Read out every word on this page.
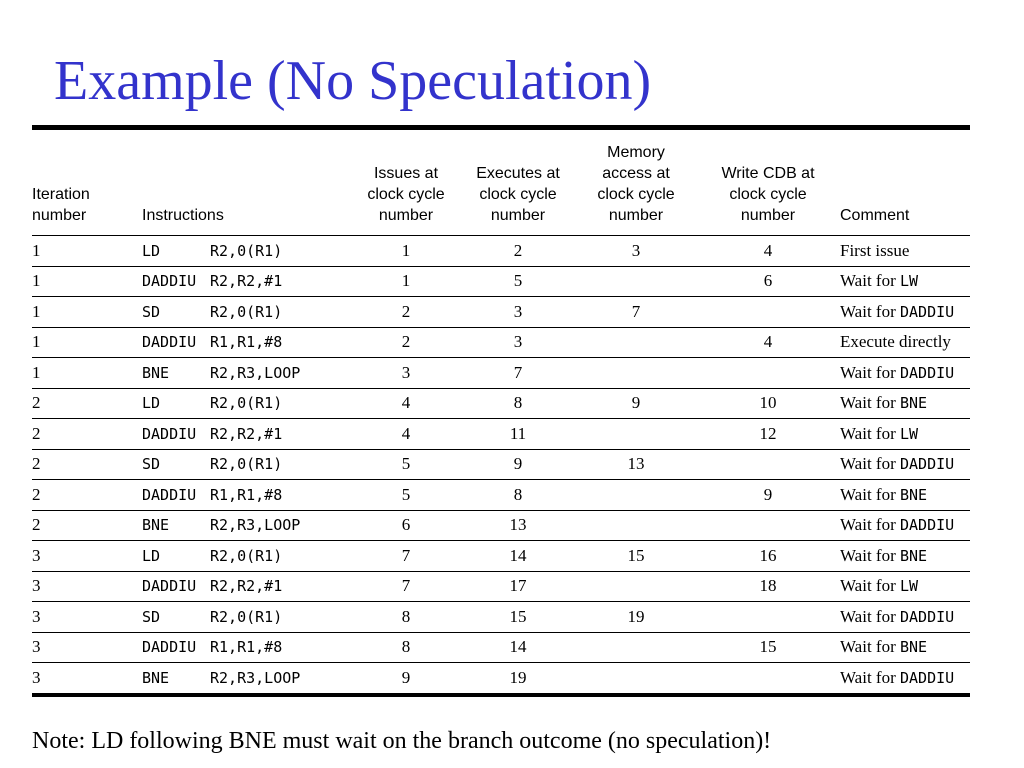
Example (No Speculation)
Iteration
number	Instructions	Issues at
clock cycle
number	Executes at
clock cycle
number	Memory
access at
clock cycle
number	Write CDB at
clock cycle
number	Comment
1	LD R2,0(R1)	1	2	3	4	First issue
1	DADDIU R2,R2,#1	1	5		6	Wait for LW
1	SD R2,0(R1)	2	3	7		Wait for DADDIU
1	DADDIU R1,R1,#8	2	3		4	Execute directly
1	BNE R2,R3,LOOP	3	7			Wait for DADDIU
2	LD R2,0(R1)	4	8	9	10	Wait for BNE
2	DADDIU R2,R2,#1	4	11		12	Wait for LW
2	SD R2,0(R1)	5	9	13		Wait for DADDIU
2	DADDIU R1,R1,#8	5	8		9	Wait for BNE
2	BNE R2,R3,LOOP	6	13			Wait for DADDIU
3	LD R2,0(R1)	7	14	15	16	Wait for BNE
3	DADDIU R2,R2,#1	7	17		18	Wait for LW
3	SD R2,0(R1)	8	15	19		Wait for DADDIU
3	DADDIU R1,R1,#8	8	14		15	Wait for BNE
3	BNE R2,R3,LOOP	9	19			Wait for DADDIU

Note: LD following BNE must wait on the branch outcome (no speculation)!
